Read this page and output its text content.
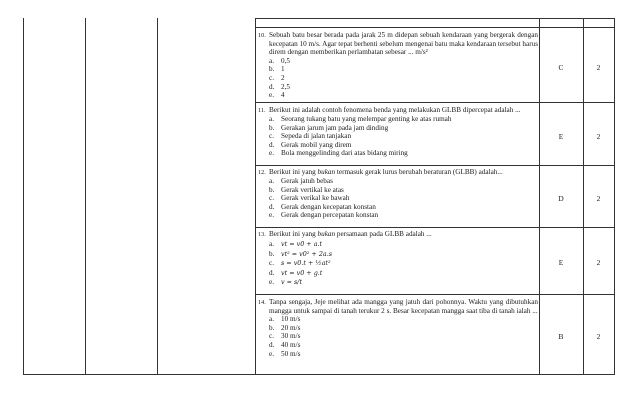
10. Sebuah batu besar berada pada jarak 25 m didepan sebuah kendaraan yang bergerak dengan kecepatan 10 m/s. Agar tepat berhenti sebelum mengenai batu maka kendaraan tersebut harus direm dengan memberikan perlambatan sebesar ... m/s²
a. 0,5
b. 1
c. 2
d. 2,5
e. 4
C	2
11. Berikut ini adalah contoh fenomena benda yang melakukan GLBB dipercepat adalah ...
a. Seorang tukang batu yang melempar genting ke atas rumah
b. Gerakan jarum jam pada jam dinding
c. Sepeda di jalan tanjakan
d. Gerak mobil yang direm
e. Bola menggelinding dari atas bidang miring
E	2
12. Berikut ini yang bukan termasuk gerak lurus berubah beraturan (GLBB) adalah...
a. Gerak jatuh bebas
b. Gerak vertikal ke atas
c. Gerak verikal ke bawah
d. Gerak dengan kecepatan konstan
e. Gerak dengan percepatan konstan
D	2
13. Berikut ini yang bukan persamaan pada GLBB adalah ...
a.	vt = v0 + a.t
b.	vt² = v0² + 2a.s
c.	s = v0.t + ½at²
d.	vt = v0 + g.t
e.	v = s/t
E	2
14. Tanpa sengaja, Jeje melihat ada mangga yang jatuh dari pohonnya. Waktu yang dibutuhkan mangga untuk sampai di tanah terukur 2 s. Besar kecepatan mangga saat tiba di tanah ialah ...
a. 10 m/s
b. 20 m/s
c. 30 m/s
d. 40 m/s
e. 50 m/s
B	2
